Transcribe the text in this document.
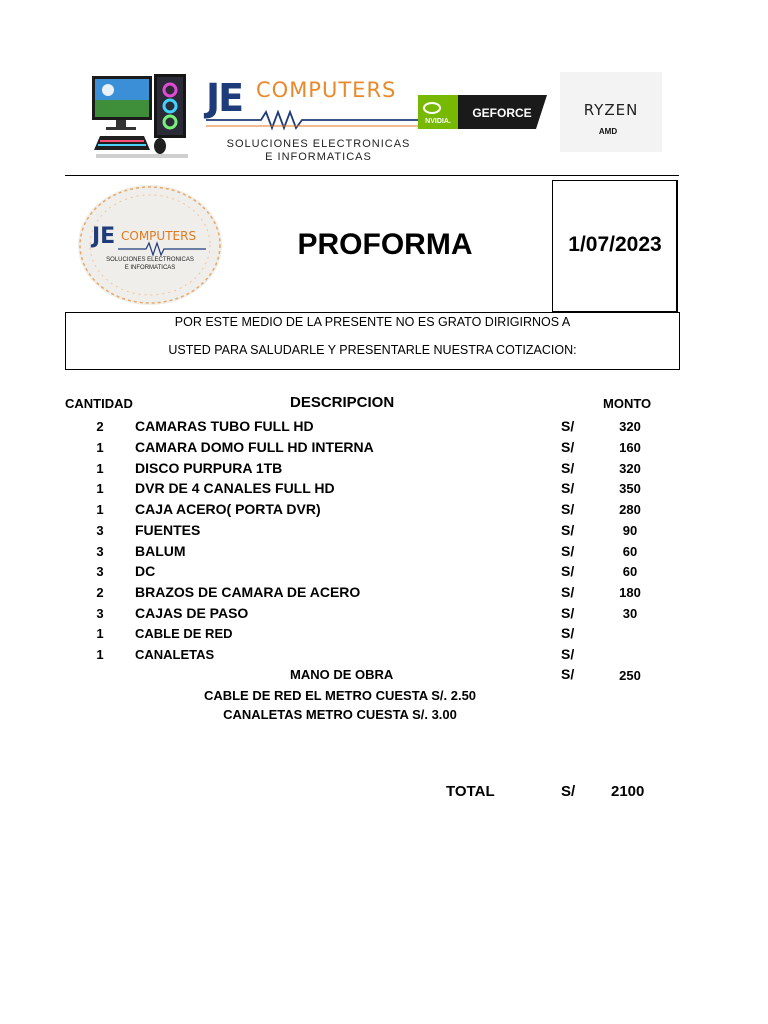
JE COMPUTERS
SOLUCIONES ELECTRONICAS
E INFORMATICAS
NVIDIA.
GEFORCE	RYZEN
AMD
JE COMPUTERS
SOLUCIONES ELECTRONICAS
E INFORMATICAS
PROFORMA	1/07/2023
POR ESTE MEDIO DE LA PRESENTE NO ES GRATO DIRIGIRNOS A
USTED PARA SALUDARLE Y PRESENTARLE NUESTRA COTIZACION:
CANTIDAD	DESCRIPCION	MONTO
2	CAMARAS TUBO FULL HD	S/	320
1	CAMARA DOMO FULL HD INTERNA	S/	160
1	DISCO PURPURA 1TB	S/	320
1	DVR DE 4 CANALES FULL HD	S/	350
1	CAJA ACERO( PORTA DVR)	S/	280
3	FUENTES	S/	90
3	BALUM	S/	60
3	DC	S/	60
2	BRAZOS DE CAMARA DE ACERO	S/	180
3	CAJAS DE PASO	S/	30
1	CABLE DE RED	S/
1	CANALETAS	S/
MANO DE OBRA	S/	250
CABLE DE RED EL METRO CUESTA S/. 2.50
CANALETAS METRO CUESTA S/. 3.00
TOTAL	S/ 2100
